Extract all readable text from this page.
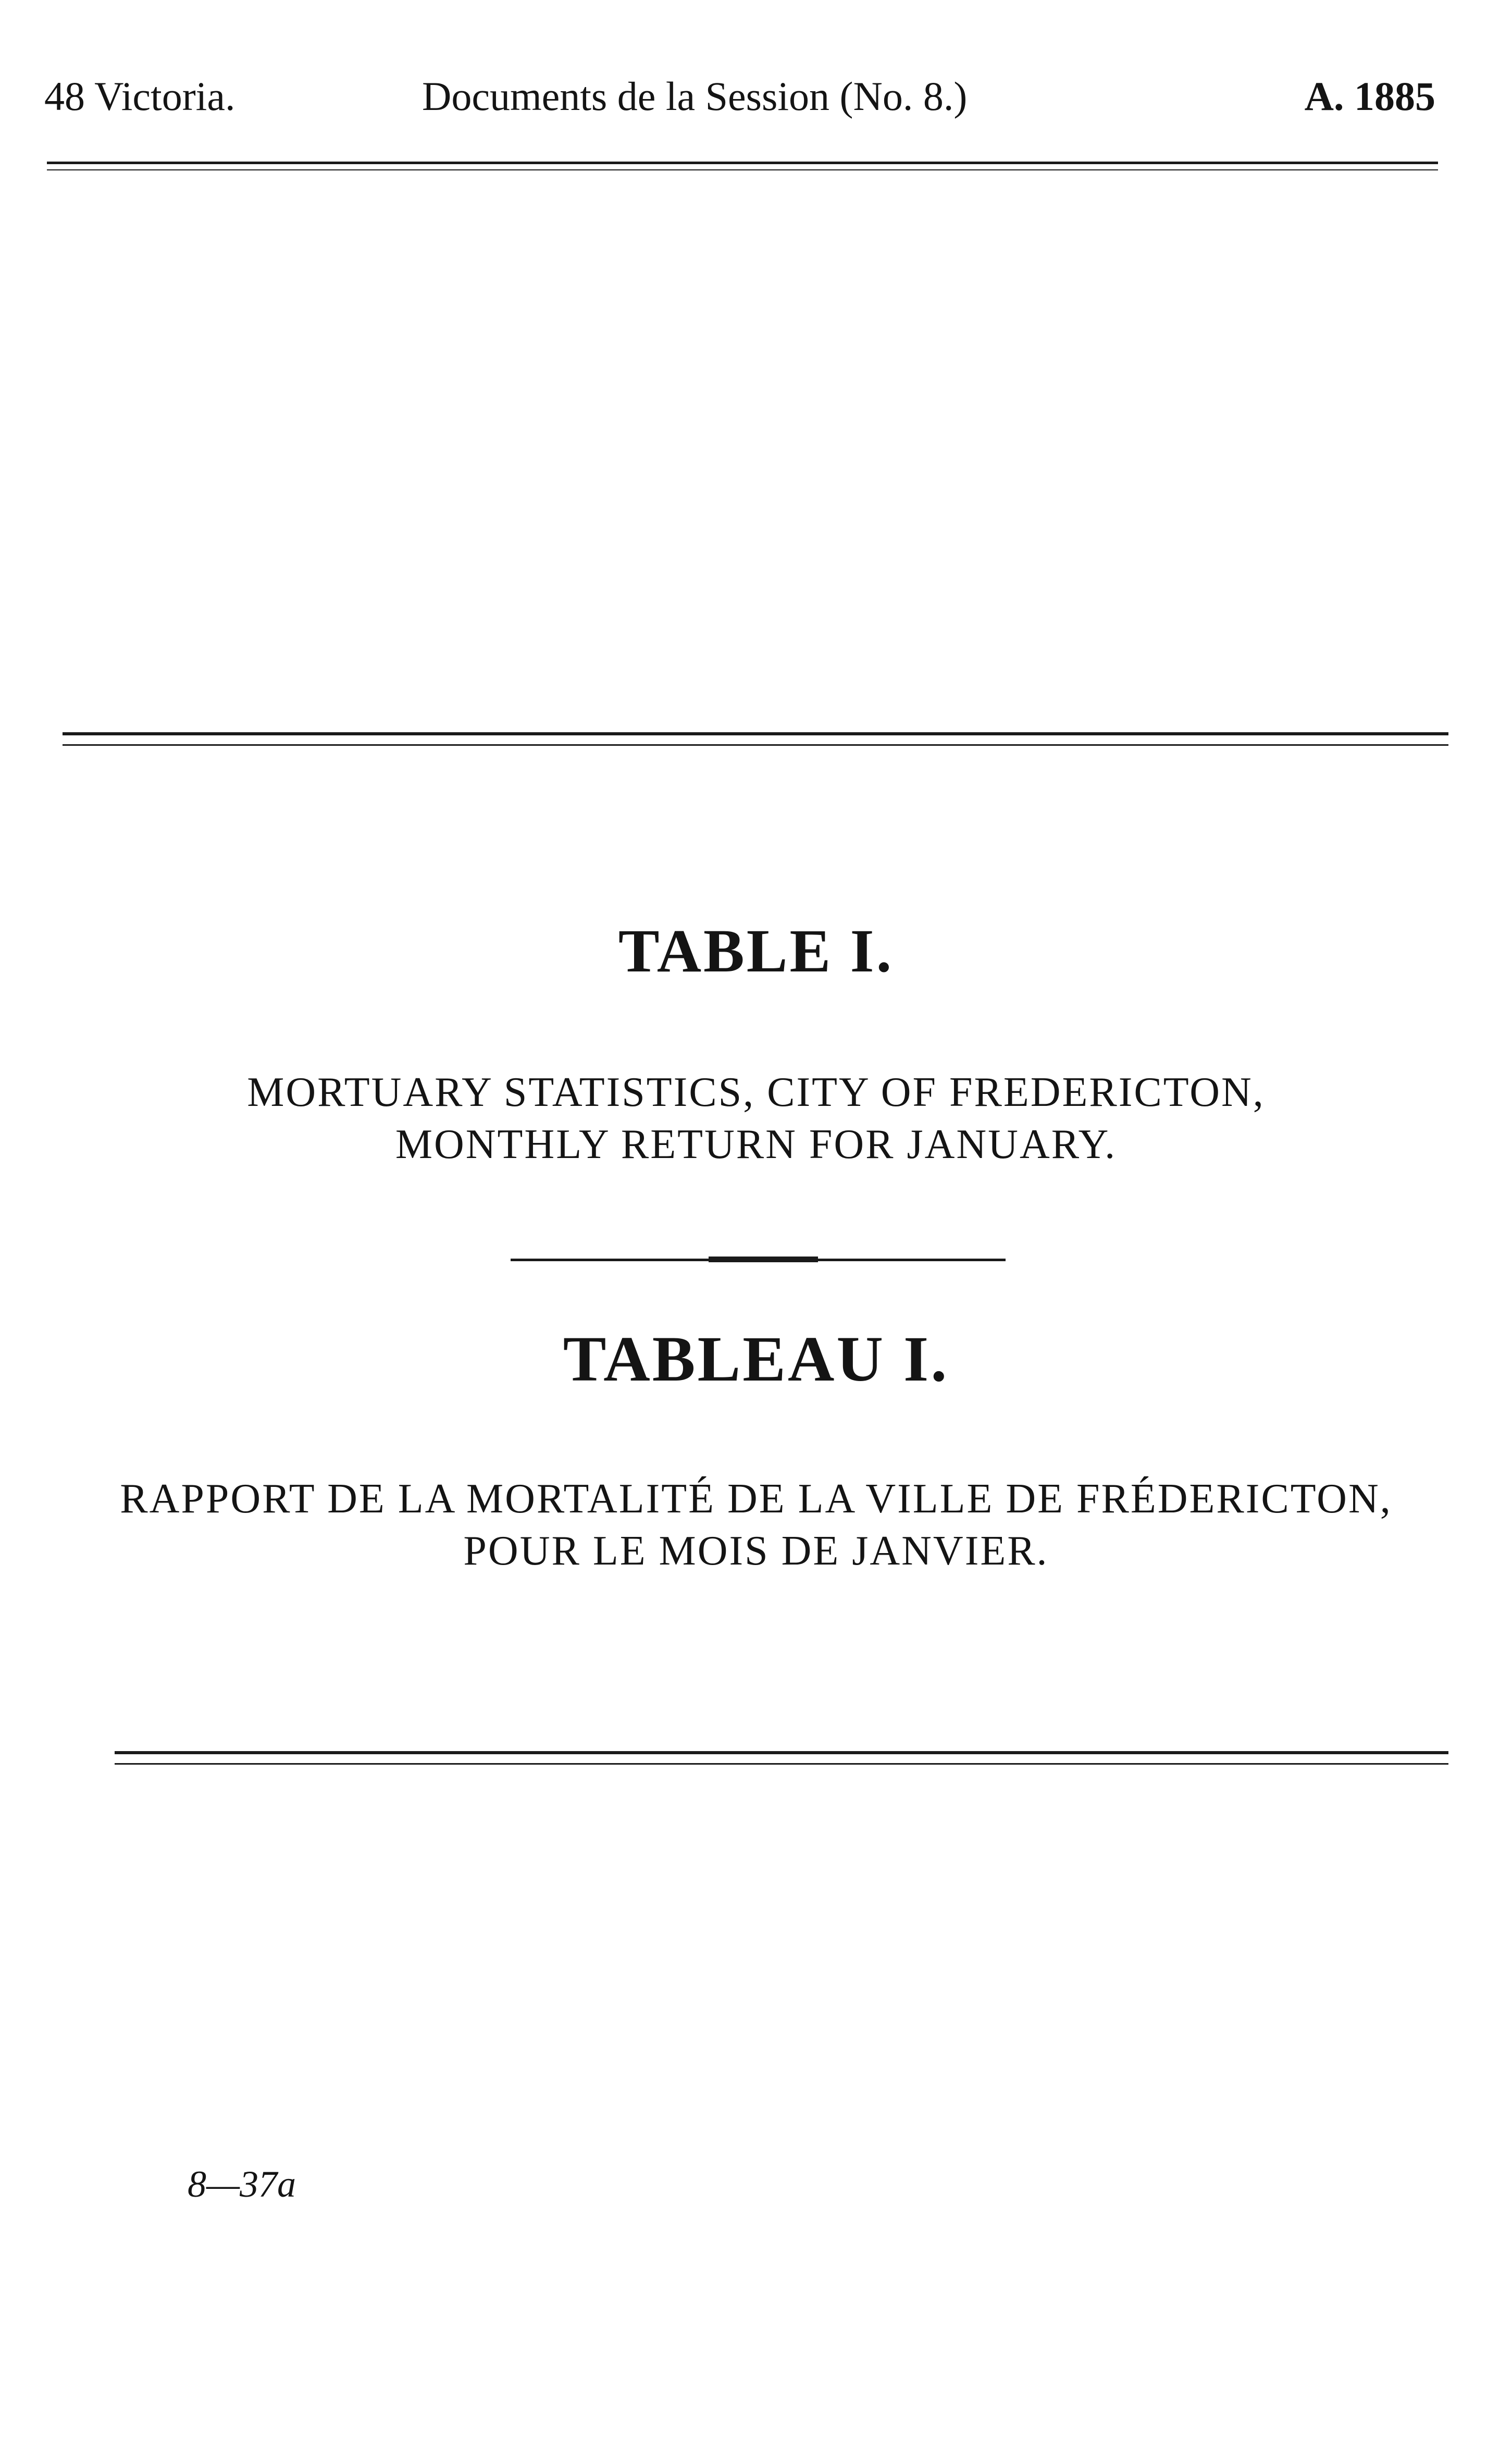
48 Victoria.	Documents de la Session (No. 8.)	A. 1885
TABLE I.
MORTUARY STATISTICS, CITY OF FREDERICTON,
MONTHLY RETURN FOR JANUARY.
TABLEAU I.
RAPPORT DE LA MORTALITÉ DE LA VILLE DE FRÉDERICTON,
POUR LE MOIS DE JANVIER.
8—37a
